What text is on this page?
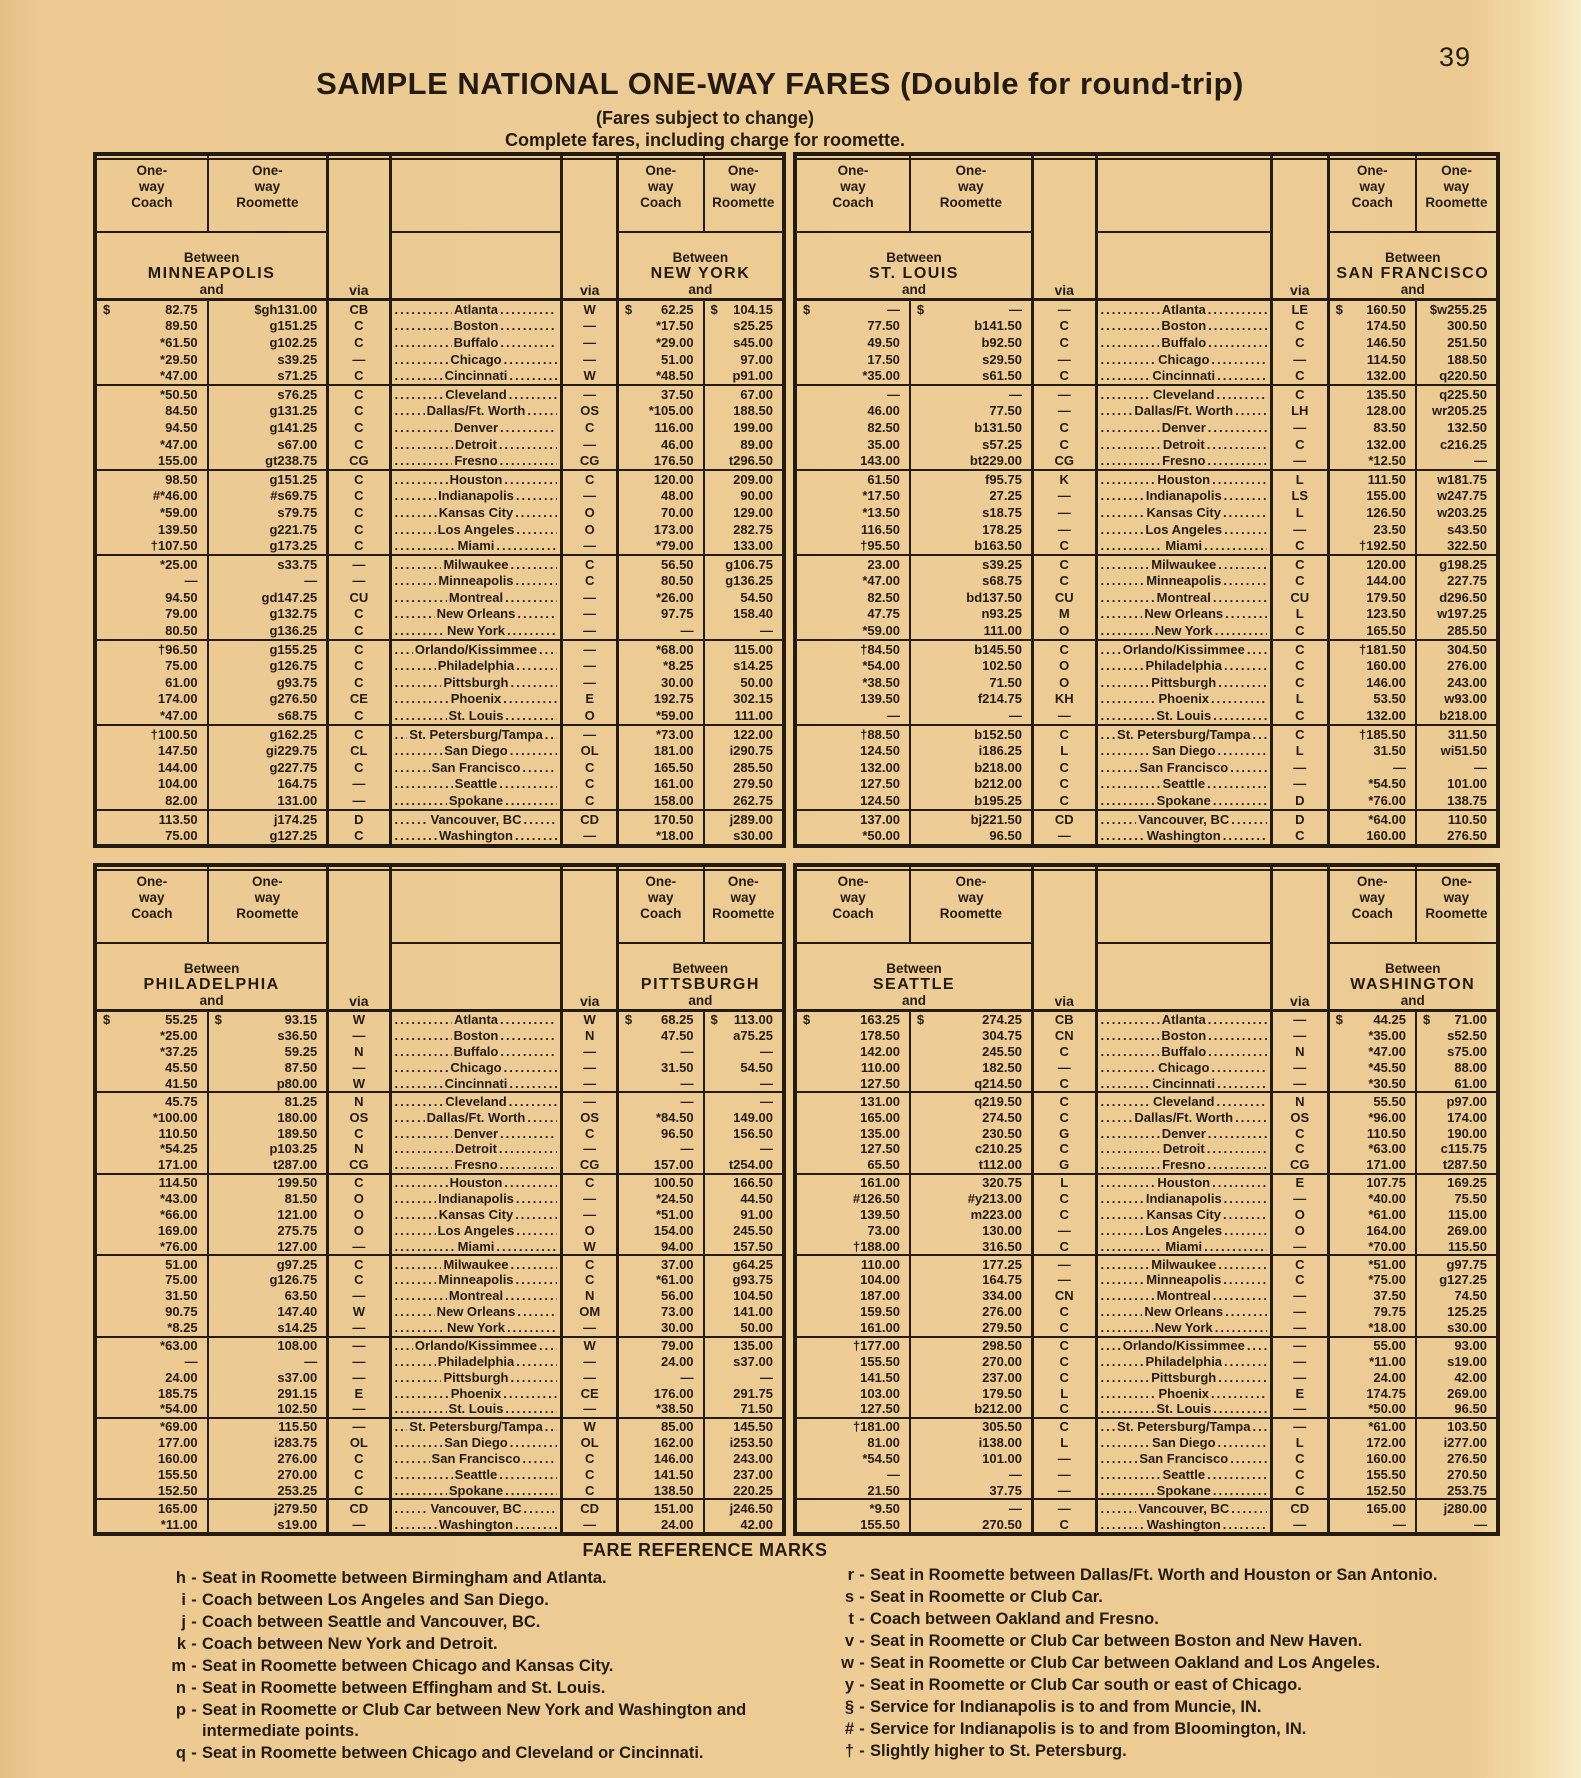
39
SAMPLE NATIONAL ONE-WAY FARES (Double for round-trip)
(Fares subject to change)
Complete fares, including charge for roomette.
One-
way
Coach
One-
way
Roomette
One-
way
Coach
One-
way
Roomette
Between
MINNEAPOLIS
and	via	via
Between
NEW YORK
and
$	82.75	$gh131.00	CB .....	Atlanta .....	W	$ 62.25	$ 104.15
89.50	g151.25	C .....	Boston .....	—	*17.50	s25.25
*61.50	g102.25	C .....	Buffalo .....	—	*29.00	s45.00
*29.50	s39.25	— .....	Chicago .....	—	51.00	97.00
*47.00	s71.25	C .....	Cincinnati .....	W	*48.50	p91.00
*50.50	s76.25	C .....	Cleveland .....	—	37.50	67.00
84.50	g131.25	C .....	Dallas/Ft. Worth .....	OS	*105.00	188.50
94.50	g141.25	C .....	Denver .....	C	116.00	199.00
*47.00	s67.00	C .....	Detroit .....	—	46.00	89.00
155.00	gt238.75	CG .....	Fresno .....	CG	176.50	t296.50
98.50	g151.25	C .....	Houston .....	C	120.00	209.00
#*46.00	#s69.75	C .....	Indianapolis .....	—	48.00	90.00
*59.00	s79.75	C .....	Kansas City .....	O	70.00	129.00
139.50	g221.75	C .....	Los Angeles .....	O	173.00	282.75
†107.50	g173.25	C .....	Miami .....	—	*79.00	133.00
*25.00	s33.75	— .....	Milwaukee .....	C	56.50 g106.75
—	—	— .....	Minneapolis .....	C	80.50 g136.25
94.50	gd147.25	CU .....	Montreal .....	—	*26.00	54.50
79.00	g132.75	C .....	New Orleans .....	—	97.75	158.40
80.50	g136.25	C .....	New York .....	—	—	—
†96.50	g155.25	C .....	Orlando/Kissimmee .....	—	*68.00	115.00
75.00	g126.75	C .....	Philadelphia .....	—	*8.25	s14.25
61.00	g93.75	C .....	Pittsburgh .....	—	30.00	50.00
174.00	g276.50	CE .....	Phoenix .....	E	192.75	302.15
*47.00	s68.75	C .....	St. Louis .....	O	*59.00	111.00
†100.50	g162.25	C .....	St. Petersburg/Tampa .....	—	*73.00	122.00
147.50	gi229.75	CL .....	San Diego .....	OL	181.00	i290.75
144.00	g227.75	C .....	San Francisco .....	C	165.50	285.50
104.00	164.75	— .....	Seattle .....	C	161.00	279.50
82.00	131.00	— .....	Spokane .....	C	158.00	262.75
113.50	j174.25	D .....	Vancouver, BC .....	CD	170.50	j289.00
75.00	g127.25	C .....	Washington .....	—	*18.00	s30.00
One-
way
Coach
One-
way
Roomette
One-
way
Coach
One-
way
Roomette
Between
ST. LOUIS
and	via	via
Between
SAN FRANCISCO
and
$	—	$	—	— .....	Atlanta .....	LE	$ 160.50 $w255.25
77.50	b141.50	C .....	Boston .....	C	174.50	300.50
49.50	b92.50	C .....	Buffalo .....	C	146.50	251.50
17.50	s29.50	— .....	Chicago .....	—	114.50	188.50
*35.00	s61.50	C .....	Cincinnati .....	C	132.00	q220.50
—	—	— .....	Cleveland .....	C	135.50	q225.50
46.00	77.50	— .....	Dallas/Ft. Worth .....	LH	128.00 wr205.25
82.50	b131.50	C .....	Denver .....	—	83.50	132.50
35.00	s57.25	C .....	Detroit .....	C	132.00	c216.25
143.00	bt229.00	CG .....	Fresno .....	—	*12.50	—
61.50	f95.75	K .....	Houston .....	L	111.50 w181.75
*17.50	27.25	— .....	Indianapolis .....	LS	155.00 w247.75
*13.50	s18.75	— .....	Kansas City .....	L	126.50 w203.25
116.50	178.25	— .....	Los Angeles .....	—	23.50	s43.50
†95.50	b163.50	C .....	Miami .....	C	†192.50	322.50
23.00	s39.25	C .....	Milwaukee .....	C	120.00	g198.25
*47.00	s68.75	C .....	Minneapolis .....	C	144.00	227.75
82.50	bd137.50	CU .....	Montreal .....	CU	179.50	d296.50
47.75	n93.25	M .....	New Orleans .....	L	123.50 w197.25
*59.00	111.00	O .....	New York .....	C	165.50	285.50
†84.50	b145.50	C .....	Orlando/Kissimmee .....	C	†181.50	304.50
*54.00	102.50	O .....	Philadelphia .....	C	160.00	276.00
*38.50	71.50	O .....	Pittsburgh .....	C	146.00	243.00
139.50	f214.75	KH .....	Phoenix .....	L	53.50	w93.00
—	—	— .....	St. Louis .....	C	132.00	b218.00
†88.50	b152.50	C .....	St. Petersburg/Tampa .....	C	†185.50	311.50
124.50	i186.25	L .....	San Diego .....	L	31.50	wi51.50
132.00	b218.00	C .....	San Francisco .....	—	—	—
127.50	b212.00	C .....	Seattle .....	—	*54.50	101.00
124.50	b195.25	C .....	Spokane .....	D	*76.00	138.75
137.00	bj221.50	CD .....	Vancouver, BC .....	D	*64.00	110.50
*50.00	96.50	— .....	Washington .....	C	160.00	276.50
One-
way
Coach
One-
way
Roomette
One-
way
Coach
One-
way
Roomette
Between
PHILADELPHIA
and	via	via
Between
PITTSBURGH
and
$	55.25	$	93.15	W .....	Atlanta .....	W	$ 68.25	$ 113.00
*25.00	s36.50	— .....	Boston .....	N	47.50	a75.25
*37.25	59.25	N .....	Buffalo .....	—	—	—
45.50	87.50	— .....	Chicago .....	—	31.50	54.50
41.50	p80.00	W .....	Cincinnati .....	—	—	—
45.75	81.25	N .....	Cleveland .....	—	—	—
*100.00	180.00	OS .....	Dallas/Ft. Worth .....	OS	*84.50	149.00
110.50	189.50	C .....	Denver .....	C	96.50	156.50
*54.25	p103.25	N .....	Detroit .....	—	—	—
171.00	t287.00	CG .....	Fresno .....	CG	157.00	t254.00
114.50	199.50	C .....	Houston .....	C	100.50	166.50
*43.00	81.50	O .....	Indianapolis .....	—	*24.50	44.50
*66.00	121.00	O .....	Kansas City .....	—	*51.00	91.00
169.00	275.75	O .....	Los Angeles .....	O	154.00	245.50
*76.00	127.00	— .....	Miami .....	W	94.00	157.50
51.00	g97.25	C .....	Milwaukee .....	C	37.00	g64.25
75.00	g126.75	C .....	Minneapolis .....	C	*61.00	g93.75
31.50	63.50	— .....	Montreal .....	N	56.00	104.50
90.75	147.40	W .....	New Orleans .....	OM	73.00	141.00
*8.25	s14.25	— .....	New York .....	—	30.00	50.00
*63.00	108.00	— .....	Orlando/Kissimmee .....	W	79.00	135.00
—	—	— .....	Philadelphia .....	—	24.00	s37.00
24.00	s37.00	— .....	Pittsburgh .....	—	—	—
185.75	291.15	E .....	Phoenix .....	CE	176.00	291.75
*54.00	102.50	— .....	St. Louis .....	—	*38.50	71.50
*69.00	115.50	— .....	St. Petersburg/Tampa .....	W	85.00	145.50
177.00	i283.75	OL .....	San Diego .....	OL	162.00	i253.50
160.00	276.00	C .....	San Francisco .....	C	146.00	243.00
155.50	270.00	C .....	Seattle .....	C	141.50	237.00
152.50	253.25	C .....	Spokane .....	C	138.50	220.25
165.00	j279.50	CD .....	Vancouver, BC .....	CD	151.00	j246.50
*11.00	s19.00	— .....	Washington .....	—	24.00	42.00
One-
way
Coach
One-
way
Roomette
One-
way
Coach
One-
way
Roomette
Between
SEATTLE
and	via	via
Between
WASHINGTON
and
$	163.25	$	274.25	CB .....	Atlanta .....	—	$ 44.25	$ 71.00
178.50	304.75	CN .....	Boston .....	—	*35.00	s52.50
142.00	245.50	C .....	Buffalo .....	N	*47.00	s75.00
110.00	182.50	— .....	Chicago .....	—	*45.50	88.00
127.50	q214.50	C .....	Cincinnati .....	—	*30.50	61.00
131.00	q219.50	C .....	Cleveland .....	N	55.50	p97.00
165.00	274.50	C .....	Dallas/Ft. Worth .....	OS	*96.00	174.00
135.00	230.50	G .....	Denver .....	C	110.50	190.00
127.50	c210.25	C .....	Detroit .....	C	*63.00	c115.75
65.50	t112.00	G .....	Fresno .....	CG	171.00	t287.50
161.00	320.75	L .....	Houston .....	E	107.75	169.25
#126.50	#y213.00	C .....	Indianapolis .....	—	*40.00	75.50
139.50	m223.00	C .....	Kansas City .....	O	*61.00	115.00
73.00	130.00	— .....	Los Angeles .....	O	164.00	269.00
†188.00	316.50	C .....	Miami .....	—	*70.00	115.50
110.00	177.25	— .....	Milwaukee .....	C	*51.00	g97.75
104.00	164.75	— .....	Minneapolis .....	C	*75.00	g127.25
187.00	334.00	CN .....	Montreal .....	—	37.50	74.50
159.50	276.00	C .....	New Orleans .....	—	79.75	125.25
161.00	279.50	C .....	New York .....	—	*18.00	s30.00
†177.00	298.50	C .....	Orlando/Kissimmee .....	—	55.00	93.00
155.50	270.00	C .....	Philadelphia .....	—	*11.00	s19.00
141.50	237.00	C .....	Pittsburgh .....	—	24.00	42.00
103.00	179.50	L .....	Phoenix .....	E	174.75	269.00
127.50	b212.00	C .....	St. Louis .....	—	*50.00	96.50
†181.00	305.50	C .....	St. Petersburg/Tampa .....	—	*61.00	103.50
81.00	i138.00	L .....	San Diego .....	L	172.00	i277.00
*54.50	101.00	— .....	San Francisco .....	C	160.00	276.50
—	—	— .....	Seattle .....	C	155.50	270.50
21.50	37.75	— .....	Spokane .....	C	152.50	253.75
*9.50	—	— .....	Vancouver, BC .....	CD	165.00	j280.00
155.50	270.50	C .....	Washington .....	—	—	—
FARE REFERENCE MARKS
h - Seat in Roomette between Birmingham and Atlanta.
i - Coach between Los Angeles and San Diego.
j - Coach between Seattle and Vancouver, BC.
k - Coach between New York and Detroit.
m - Seat in Roomette between Chicago and Kansas City.
n - Seat in Roomette between Effingham and St. Louis.
p - Seat in Roomette or Club Car between New York and Washington and intermediate points.
q - Seat in Roomette between Chicago and Cleveland or Cincinnati.
r - Seat in Roomette between Dallas/Ft. Worth and Houston or San Antonio.
s - Seat in Roomette or Club Car.
t - Coach between Oakland and Fresno.
v - Seat in Roomette or Club Car between Boston and New Haven.
w - Seat in Roomette or Club Car between Oakland and Los Angeles.
y - Seat in Roomette or Club Car south or east of Chicago.
§ - Service for Indianapolis is to and from Muncie, IN.
# - Service for Indianapolis is to and from Bloomington, IN.
† - Slightly higher to St. Petersburg.
